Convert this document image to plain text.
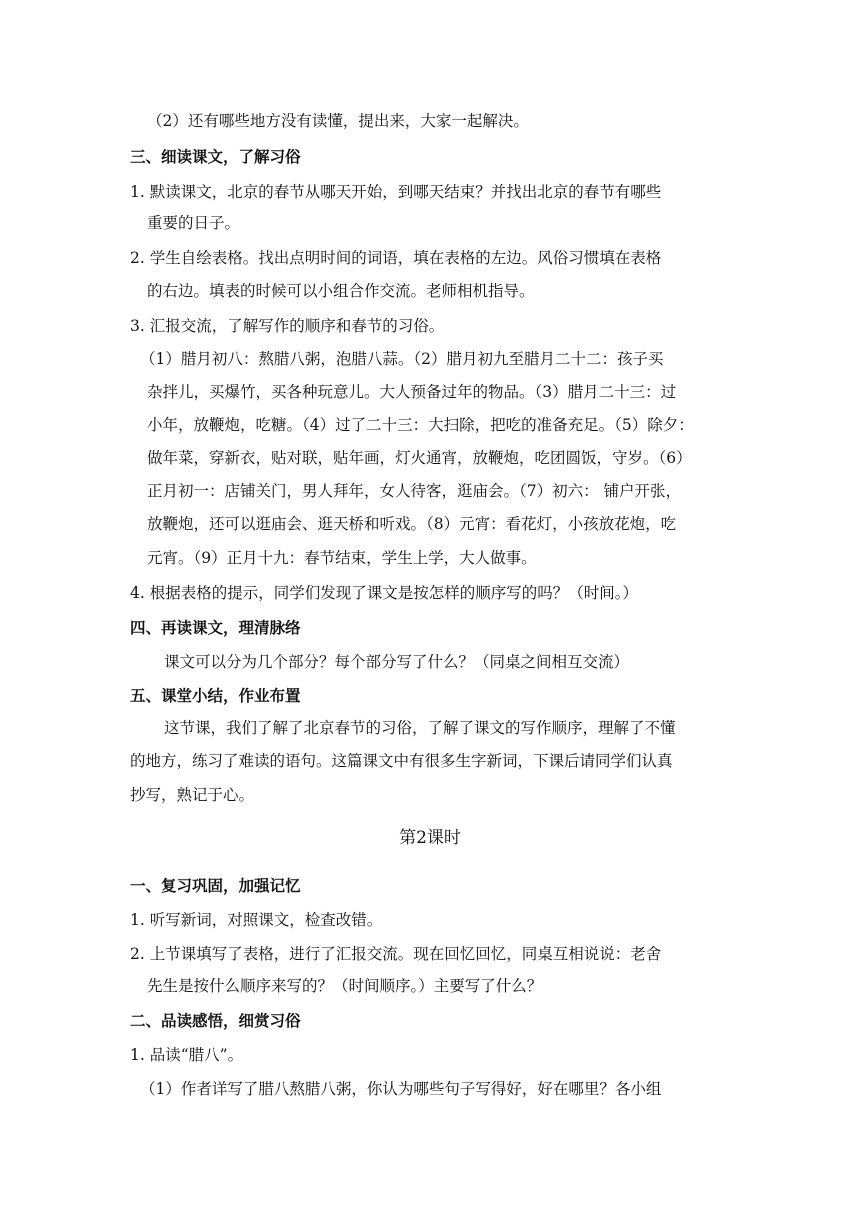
（2）还有哪些地方没有读懂，提出来，大家一起解决。
三、细读课文，了解习俗
1. 默读课文，北京的春节从哪天开始，到哪天结束？并找出北京的春节有哪些
重要的日子。
2. 学生自绘表格。找出点明时间的词语，填在表格的左边。风俗习惯填在表格
的右边。填表的时候可以小组合作交流。老师相机指导。
3. 汇报交流，了解写作的顺序和春节的习俗。
（1）腊月初八：熬腊八粥，泡腊八蒜。（2）腊月初九至腊月二十二：孩子买
杂拌儿，买爆竹，买各种玩意儿。大人预备过年的物品。（3）腊月二十三：过
小年，放鞭炮，吃糖。（4）过了二十三：大扫除，把吃的准备充足。（5）除夕：
做年菜，穿新衣，贴对联，贴年画，灯火通宵，放鞭炮，吃团圆饭，守岁。（6）
正月初一：店铺关门，男人拜年，女人待客，逛庙会。（7）初六： 铺户开张，
放鞭炮，还可以逛庙会、逛天桥和听戏。（8）元宵：看花灯，小孩放花炮，吃
元宵。（9）正月十九：春节结束，学生上学，大人做事。
4. 根据表格的提示，同学们发现了课文是按怎样的顺序写的吗？（时间。）
四、再读课文，理清脉络
课文可以分为几个部分？每个部分写了什么？（同桌之间相互交流）
五、课堂小结，作业布置
这节课，我们了解了北京春节的习俗，了解了课文的写作顺序，理解了不懂
的地方，练习了难读的语句。这篇课文中有很多生字新词，下课后请同学们认真
抄写，熟记于心。
第2课时
一、复习巩固，加强记忆
1. 听写新词，对照课文，检查改错。
2. 上节课填写了表格，进行了汇报交流。现在回忆回忆，同桌互相说说：老舍
先生是按什么顺序来写的？（时间顺序。）主要写了什么？
二、品读感悟，细赏习俗
1. 品读“腊八”。
（1）作者详写了腊八熬腊八粥，你认为哪些句子写得好，好在哪里？各小组
